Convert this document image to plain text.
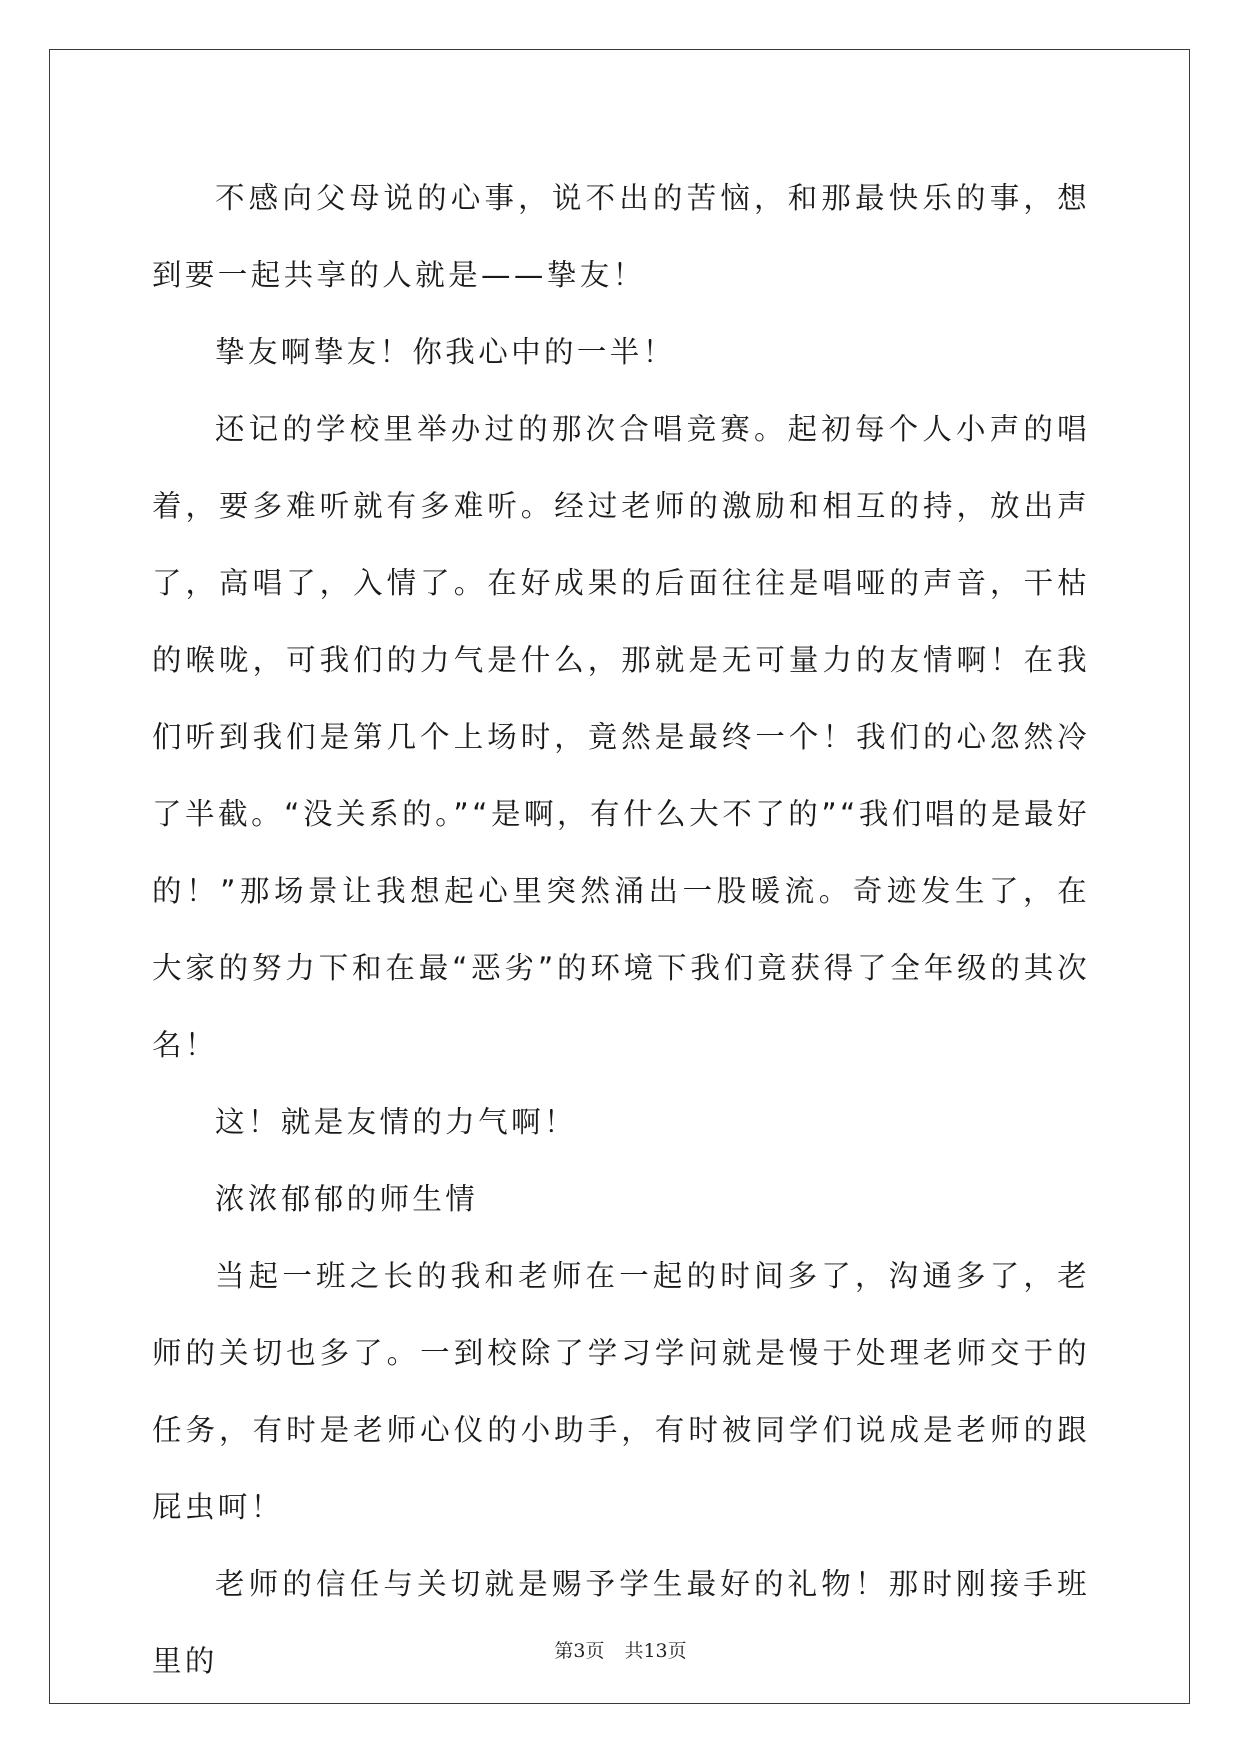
不感向父母说的心事，说不出的苦恼，和那最快乐的事，想到要一起共享的人就是——挚友！

挚友啊挚友！你我心中的一半！

还记的学校里举办过的那次合唱竞赛。起初每个人小声的唱着，要多难听就有多难听。经过老师的激励和相互的持，放出声了，高唱了，入情了。在好成果的后面往往是唱哑的声音，干枯的喉咙，可我们的力气是什么，那就是无可量力的友情啊！在我们听到我们是第几个上场时，竟然是最终一个！我们的心忽然冷了半截。“没关系的。”“是啊，有什么大不了的”“我们唱的是最好的！”那场景让我想起心里突然涌出一股暖流。奇迹发生了，在大家的努力下和在最“恶劣”的环境下我们竟获得了全年级的其次名！

这！就是友情的力气啊！

浓浓郁郁的师生情

当起一班之长的我和老师在一起的时间多了，沟通多了，老师的关切也多了。一到校除了学习学问就是慢于处理老师交于的任务，有时是老师心仪的小助手，有时被同学们说成是老师的跟屁虫呵！

老师的信任与关切就是赐予学生最好的礼物！那时刚接手班里的	第3页 共13页
